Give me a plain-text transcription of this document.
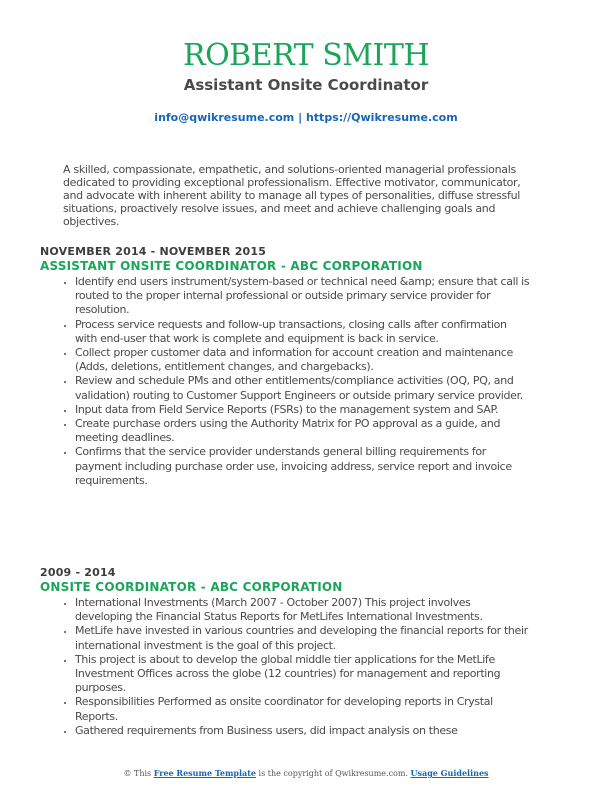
ROBERT SMITH
Assistant Onsite Coordinator
info@qwikresume.com | https://Qwikresume.com
A skilled, compassionate, empathetic, and solutions-oriented managerial professionals dedicated to providing exceptional professionalism. Effective motivator, communicator, and advocate with inherent ability to manage all types of personalities, diffuse stressful situations, proactively resolve issues, and meet and achieve challenging goals and objectives.
NOVEMBER 2014 - NOVEMBER 2015
ASSISTANT ONSITE COORDINATOR - ABC CORPORATION
• Identify end users instrument/system-based or technical need &amp; ensure that call is routed to the proper internal professional or outside primary service provider for resolution.
• Process service requests and follow-up transactions, closing calls after confirmation with end-user that work is complete and equipment is back in service.
• Collect proper customer data and information for account creation and maintenance (Adds, deletions, entitlement changes, and chargebacks).
• Review and schedule PMs and other entitlements/compliance activities (OQ, PQ, and validation) routing to Customer Support Engineers or outside primary service provider.
• Input data from Field Service Reports (FSRs) to the management system and SAP.
• Create purchase orders using the Authority Matrix for PO approval as a guide, and meeting deadlines.
• Confirms that the service provider understands general billing requirements for payment including purchase order use, invoicing address, service report and invoice requirements.
2009 - 2014
ONSITE COORDINATOR - ABC CORPORATION
• International Investments (March 2007 - October 2007) This project involves developing the Financial Status Reports for MetLifes International Investments.
• MetLife have invested in various countries and developing the financial reports for their international investment is the goal of this project.
• This project is about to develop the global middle tier applications for the MetLife Investment Offices across the globe (12 countries) for management and reporting purposes.
• Responsibilities Performed as onsite coordinator for developing reports in Crystal Reports.
• Gathered requirements from Business users, did impact analysis on these
© This Free Resume Template is the copyright of Qwikresume.com. Usage Guidelines
